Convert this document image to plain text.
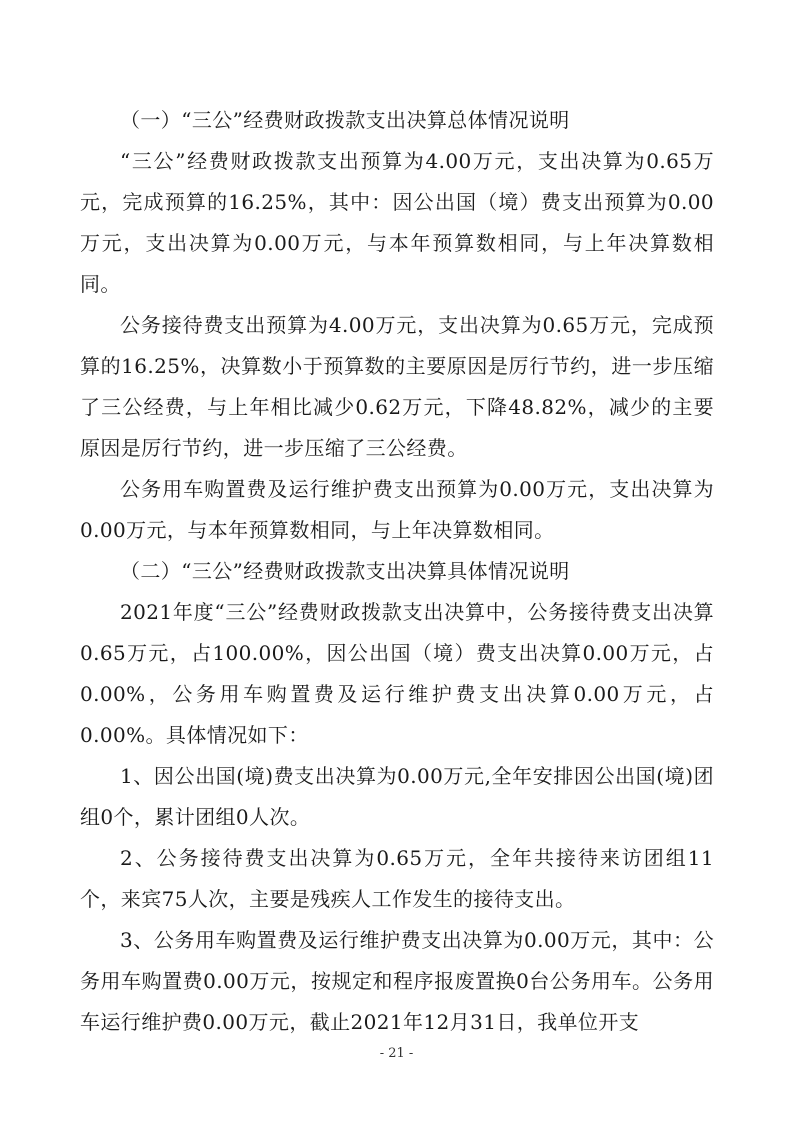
（一）“三公”经费财政拨款支出决算总体情况说明

“三公”经费财政拨款支出预算为4.00万元，支出决算为0.65万元，完成预算的16.25%，其中：因公出国（境）费支出预算为0.00万元，支出决算为0.00万元，与本年预算数相同，与上年决算数相同。

公务接待费支出预算为4.00万元，支出决算为0.65万元，完成预算的16.25%，决算数小于预算数的主要原因是厉行节约，进一步压缩了三公经费，与上年相比减少0.62万元，下降48.82%，减少的主要原因是厉行节约，进一步压缩了三公经费。

公务用车购置费及运行维护费支出预算为0.00万元，支出决算为0.00万元，与本年预算数相同，与上年决算数相同。

（二）“三公”经费财政拨款支出决算具体情况说明

2021年度“三公”经费财政拨款支出决算中，公务接待费支出决算0.65万元，占100.00%，因公出国（境）费支出决算0.00万元，占0.00%，公务用车购置费及运行维护费支出决算0.00万元，占0.00%。具体情况如下：

1、因公出国(境)费支出决算为0.00万元,全年安排因公出国(境)团组0个，累计团组0人次。

2、公务接待费支出决算为0.65万元，全年共接待来访团组11个，来宾75人次，主要是残疾人工作发生的接待支出。

3、公务用车购置费及运行维护费支出决算为0.00万元，其中：公务用车购置费0.00万元，按规定和程序报废置换0台公务用车。公务用车运行维护费0.00万元，截止2021年12月31日，我单位开支

- 21 -
